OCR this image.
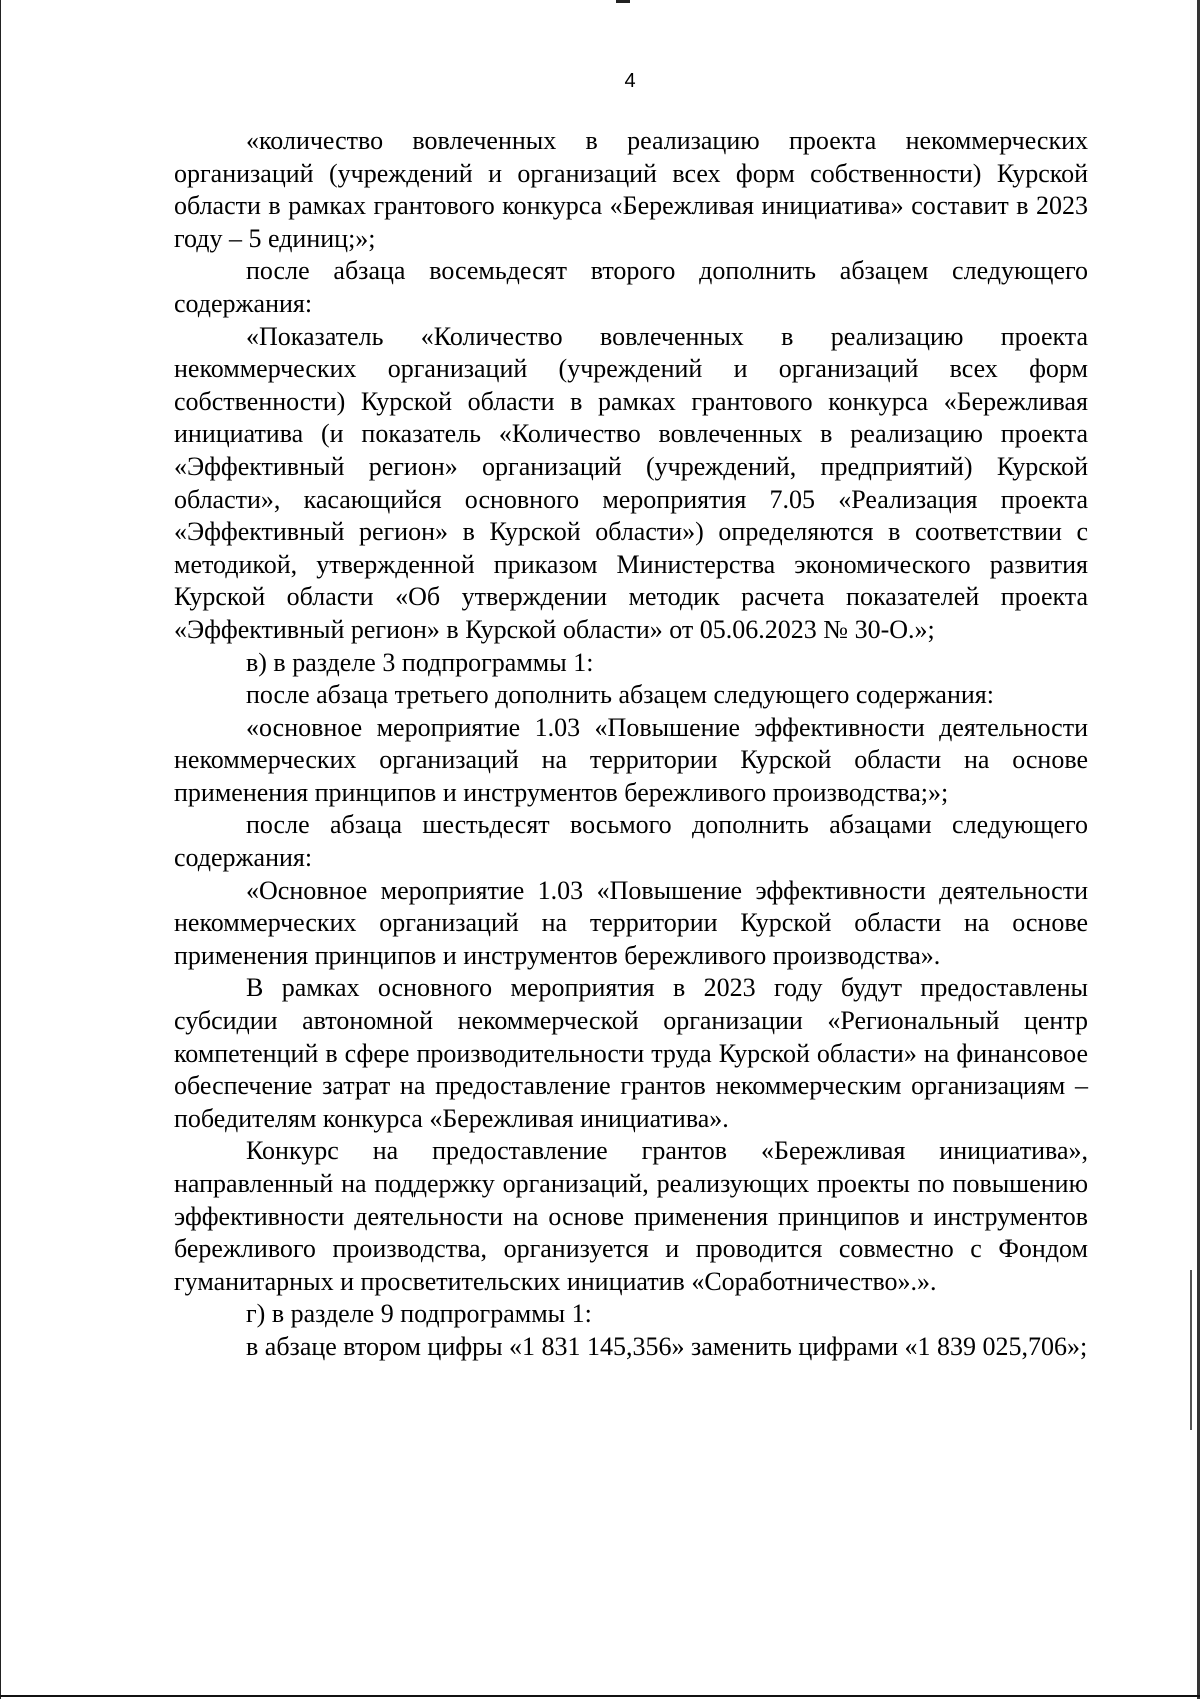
4

«количество вовлеченных в реализацию проекта некоммерческих организаций (учреждений и организаций всех форм собственности) Курской области в рамках грантового конкурса «Бережливая инициатива» составит в 2023 году – 5 единиц;»;

после абзаца восемьдесят второго дополнить абзацем следующего содержания:

«Показатель «Количество вовлеченных в реализацию проекта некоммерческих организаций (учреждений и организаций всех форм собственности) Курской области в рамках грантового конкурса «Бережливая инициатива (и показатель «Количество вовлеченных в реализацию проекта «Эффективный регион» организаций (учреждений, предприятий) Курской области», касающийся основного мероприятия 7.05 «Реализация проекта «Эффективный регион» в Курской области») определяются в соответствии с методикой, утвержденной приказом Министерства экономического развития Курской области «Об утверждении методик расчета показателей проекта «Эффективный регион» в Курской области» от 05.06.2023 № 30-О.»;

в) в разделе 3 подпрограммы 1:

после абзаца третьего дополнить абзацем следующего содержания:

«основное мероприятие 1.03 «Повышение эффективности деятельности некоммерческих организаций на территории Курской области на основе применения принципов и инструментов бережливого производства;»;

после абзаца шестьдесят восьмого дополнить абзацами следующего содержания:

«Основное мероприятие 1.03 «Повышение эффективности деятельности некоммерческих организаций на территории Курской области на основе применения принципов и инструментов бережливого производства».

В рамках основного мероприятия в 2023 году будут предоставлены субсидии автономной некоммерческой организации «Региональный центр компетенций в сфере производительности труда Курской области» на финансовое обеспечение затрат на предоставление грантов некоммерческим организациям – победителям конкурса «Бережливая инициатива».

Конкурс на предоставление грантов «Бережливая инициатива», направленный на поддержку организаций, реализующих проекты по повышению эффективности деятельности на основе применения принципов и инструментов бережливого производства, организуется и проводится совместно с Фондом гуманитарных и просветительских инициатив «Соработничество».».

г) в разделе 9 подпрограммы 1:

в абзаце втором цифры «1 831 145,356» заменить цифрами «1 839 025,706»;
